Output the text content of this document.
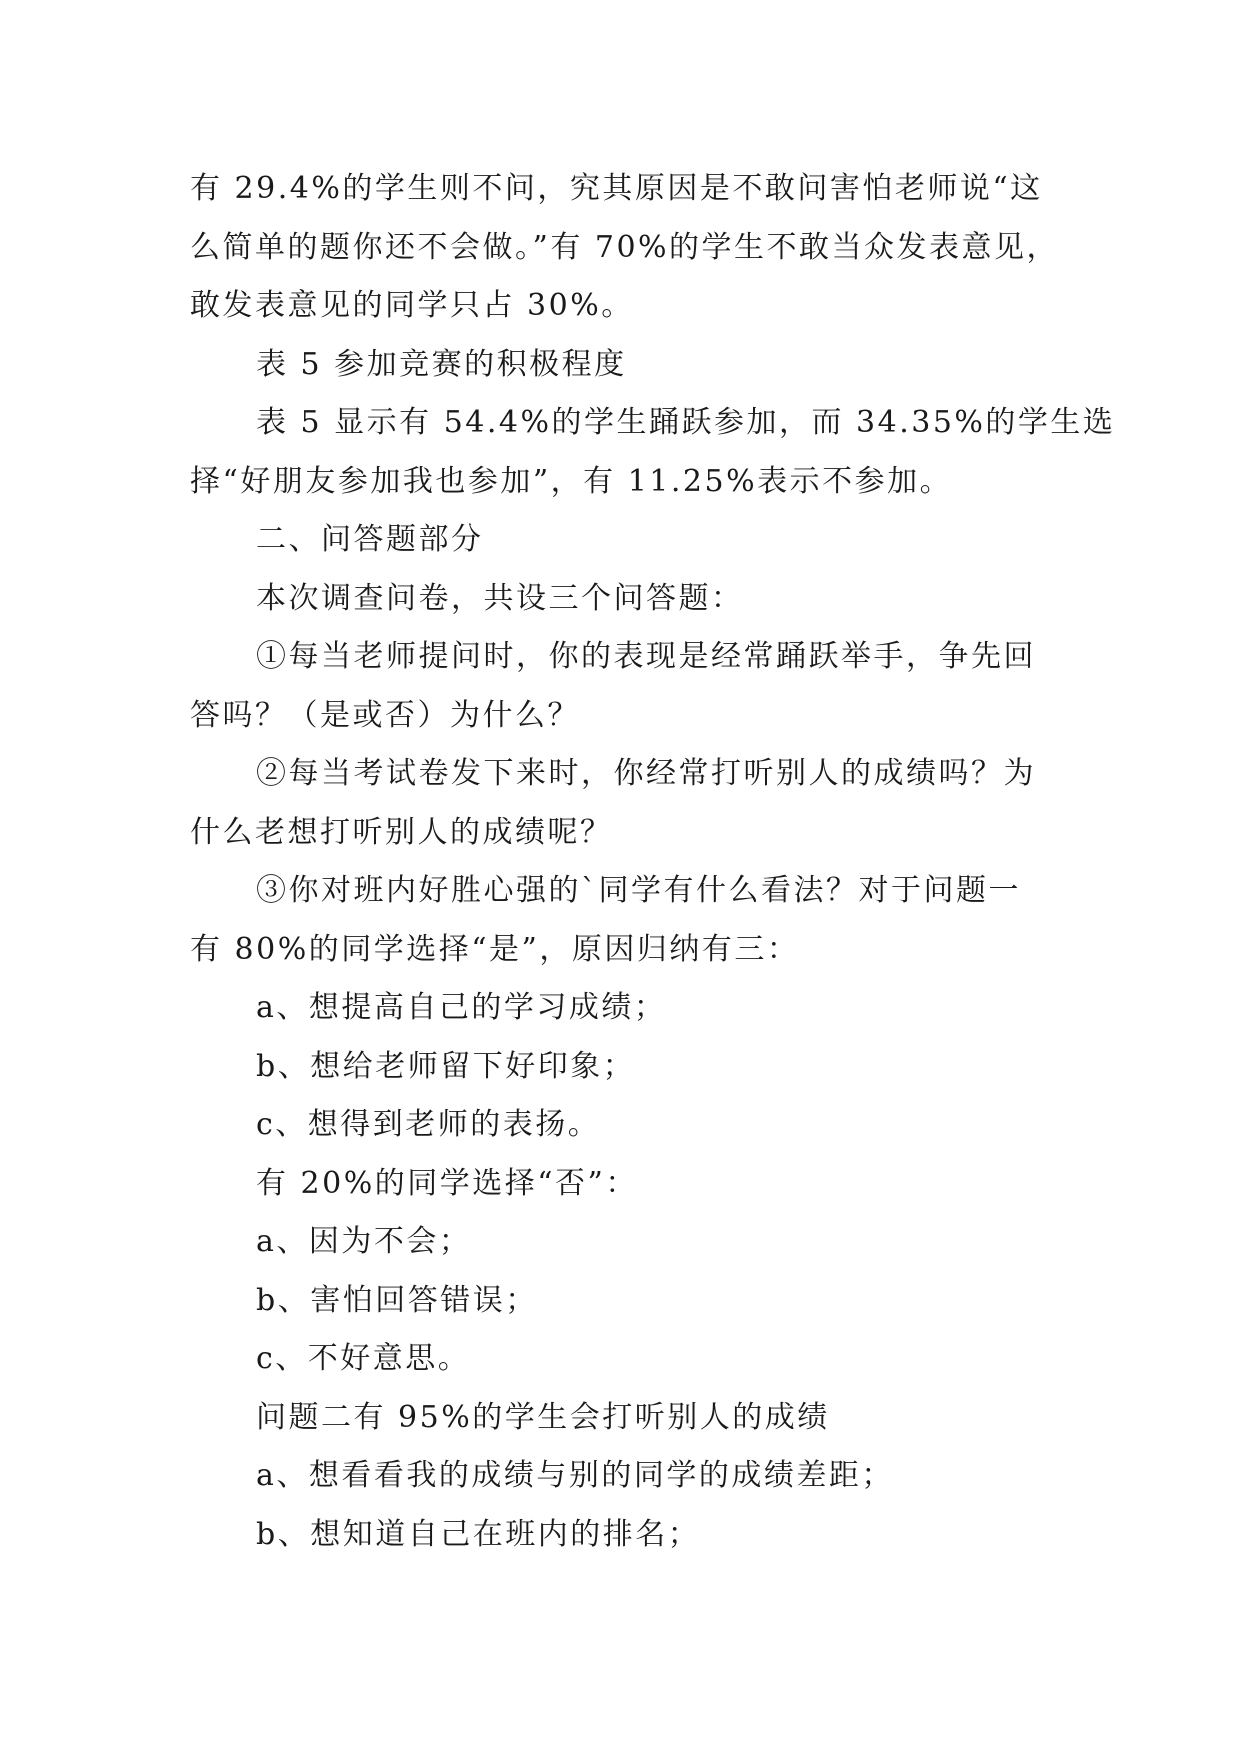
有 29.4%的学生则不问，究其原因是不敢问害怕老师说“这
么简单的题你还不会做。”有 70%的学生不敢当众发表意见，
敢发表意见的同学只占 30%。
表 5 参加竞赛的积极程度
表 5 显示有 54.4%的学生踊跃参加，而 34.35%的学生选
择“好朋友参加我也参加”，有 11.25%表示不参加。
二、问答题部分
本次调查问卷，共设三个问答题：
①每当老师提问时，你的表现是经常踊跃举手，争先回
答吗？（是或否）为什么？
②每当考试卷发下来时，你经常打听别人的成绩吗？为
什么老想打听别人的成绩呢？
③你对班内好胜心强的`同学有什么看法？对于问题一
有 80%的同学选择“是”，原因归纳有三：
a、想提高自己的学习成绩；
b、想给老师留下好印象；
c、想得到老师的表扬。
有 20%的同学选择“否”：
a、因为不会；
b、害怕回答错误；
c、不好意思。
问题二有 95%的学生会打听别人的成绩
a、想看看我的成绩与别的同学的成绩差距；
b、想知道自己在班内的排名；
